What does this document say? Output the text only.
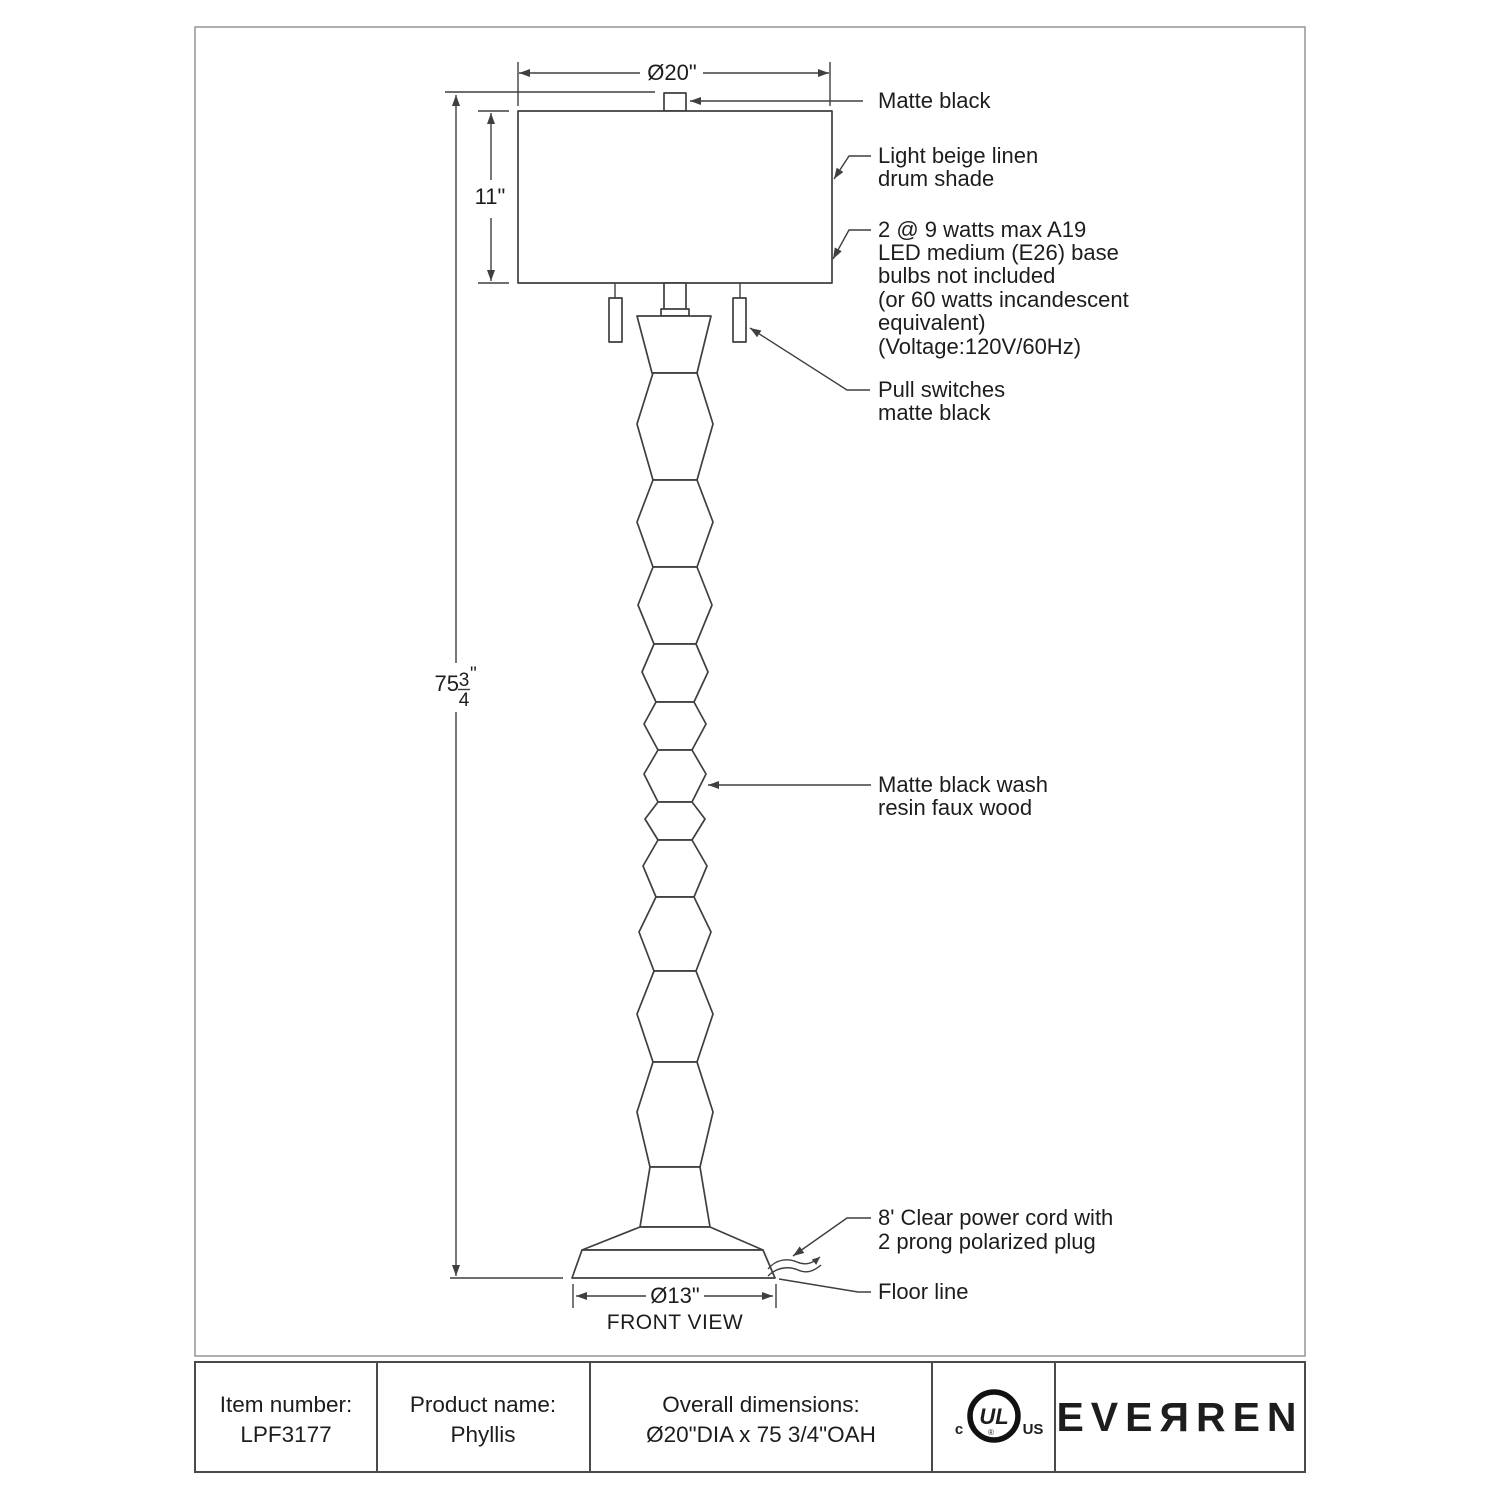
Ø20"
11"
75 3
4
"
Ø13"
FRONT VIEW
Matte black
Light beige linen
drum shade
2 @ 9 watts max A19
LED medium (E26) base
bulbs not included
(or 60 watts incandescent
equivalent)
(Voltage:120V/60Hz)
Pull switches
matte black
Matte black wash
resin faux wood
8' Clear power cord with
2 prong polarized plug
Floor line
Item number:
LPF3177
Product name:
Phyllis
Overall dimensions:
Ø20"DIA x 75 3/4"OAH
UL
®
c	US EVEЯREN
